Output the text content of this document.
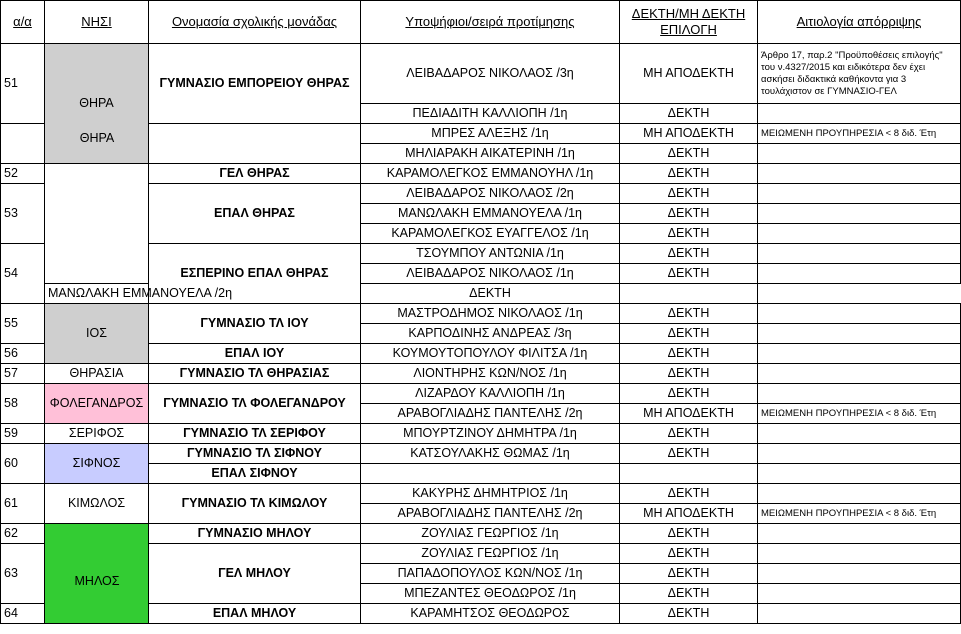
α/α	ΝΗΣΙ	Ονομασία σχολικής μονάδας	Υποψήφιοι/σειρά προτίμησης	ΔΕΚΤΗ/ΜΗ ΔΕΚΤΗ ΕΠΙΛΟΓΗ	Αιτιολογία απόρριψης
51	ΘΗΡΑ	ΓΥΜΝΑΣΙΟ ΕΜΠΟΡΕΙΟΥ ΘΗΡΑΣ	ΛΕΙΒΑΔΑΡΟΣ ΝΙΚΟΛΑΟΣ /3η	ΜΗ ΑΠΟΔΕΚΤΗ	Άρθρο 17, παρ.2 "Προϋποθέσεις επιλογής" του ν.4327/2015 και ειδικότερα δεν έχει ασκήσει διδακτικά καθήκοντα για 3 τουλάχιστον σε ΓΥΜΝΑΣΙΟ-ΓΕΛ
			ΠΕΔΙΑΔΙΤΗ ΚΑΛΛΙΟΠΗ /1η	ΔΕΚΤΗ	
			ΜΠΡΕΣ ΑΛΕΞΗΣ /1η	ΜΗ ΑΠΟΔΕΚΤΗ	ΜΕΙΩΜΕΝΗ ΠΡΟΥΠΗΡΕΣΙΑ < 8 διδ. Έτη
			ΜΗΛΙΑΡΑΚΗ ΑΙΚΑΤΕΡΙΝΗ /1η	ΔΕΚΤΗ	
52		ΓΕΛ ΘΗΡΑΣ	ΚΑΡΑΜΟΛΕΓΚΟΣ ΕΜΜΑΝΟΥΗΛ /1η	ΔΕΚΤΗ	
53		ΕΠΑΛ ΘΗΡΑΣ	ΛΕΙΒΑΔΑΡΟΣ ΝΙΚΟΛΑΟΣ /2η	ΔΕΚΤΗ	
			ΜΑΝΩΛΑΚΗ ΕΜΜΑΝΟΥΕΛΑ /1η	ΔΕΚΤΗ	
			ΚΑΡΑΜΟΛΕΓΚΟΣ ΕΥΑΓΓΕΛΟΣ /1η	ΔΕΚΤΗ	
54		ΕΣΠΕΡΙΝΟ ΕΠΑΛ ΘΗΡΑΣ	ΤΣΟΥΜΠΟΥ ΑΝΤΩΝΙΑ /1η	ΔΕΚΤΗ	
			ΛΕΙΒΑΔΑΡΟΣ ΝΙΚΟΛΑΟΣ /1η	ΔΕΚΤΗ	
	ΜΑΝΩΛΑΚΗ ΕΜΜΑΝΟΥΕΛΑ /2η		ΔΕΚΤΗ		
55	ΙΟΣ	ΓΥΜΝΑΣΙΟ ΤΛ ΙΟΥ	ΜΑΣΤΡΟΔΗΜΟΣ ΝΙΚΟΛΑΟΣ /1η	ΔΕΚΤΗ	
			ΚΑΡΠΟΔΙΝΗΣ ΑΝΔΡΕΑΣ /3η	ΔΕΚΤΗ	
56		ΕΠΑΛ ΙΟΥ	ΚΟΥΜΟΥΤΟΠΟΥΛΟΥ ΦΙΛΙΤΣΑ /1η	ΔΕΚΤΗ	
57	ΘΗΡΑΣΙΑ	ΓΥΜΝΑΣΙΟ ΤΛ ΘΗΡΑΣΙΑΣ	ΛΙΟΝΤΗΡΗΣ ΚΩΝ/ΝΟΣ /1η	ΔΕΚΤΗ	
58	ΦΟΛΕΓΑΝΔΡΟΣ	ΓΥΜΝΑΣΙΟ ΤΛ ΦΟΛΕΓΑΝΔΡΟΥ	ΛΙΖΑΡΔΟΥ ΚΑΛΛΙΟΠΗ /1η	ΔΕΚΤΗ	
			ΑΡΑΒΟΓΛΙΑΔΗΣ ΠΑΝΤΕΛΗΣ /2η	ΜΗ ΑΠΟΔΕΚΤΗ	ΜΕΙΩΜΕΝΗ ΠΡΟΥΠΗΡΕΣΙΑ < 8 διδ. Έτη
59	ΣΕΡΙΦΟΣ	ΓΥΜΝΑΣΙΟ ΤΛ ΣΕΡΙΦΟΥ	ΜΠΟΥΡΤΖΙΝΟΥ ΔΗΜΗΤΡΑ /1η	ΔΕΚΤΗ	
60	ΣΙΦΝΟΣ	ΓΥΜΝΑΣΙΟ ΤΛ ΣΙΦΝΟΥ	ΚΑΤΣΟΥΛΑΚΗΣ ΘΩΜΑΣ /1η	ΔΕΚΤΗ	
		ΕΠΑΛ ΣΙΦΝΟΥ			
61	ΚΙΜΩΛΟΣ	ΓΥΜΝΑΣΙΟ ΤΛ ΚΙΜΩΛΟΥ	ΚΑΚΥΡΗΣ ΔΗΜΗΤΡΙΟΣ /1η	ΔΕΚΤΗ	
			ΑΡΑΒΟΓΛΙΑΔΗΣ ΠΑΝΤΕΛΗΣ /2η	ΜΗ ΑΠΟΔΕΚΤΗ	ΜΕΙΩΜΕΝΗ ΠΡΟΥΠΗΡΕΣΙΑ < 8 διδ. Έτη
62		ΓΥΜΝΑΣΙΟ ΜΗΛΟΥ	ΖΟΥΛΙΑΣ ΓΕΩΡΓΙΟΣ /1η	ΔΕΚΤΗ	
63		ΓΕΛ ΜΗΛΟΥ	ΖΟΥΛΙΑΣ ΓΕΩΡΓΙΟΣ /1η	ΔΕΚΤΗ	
			ΠΑΠΑΔΟΠΟΥΛΟΣ ΚΩΝ/ΝΟΣ /1η	ΔΕΚΤΗ	
			ΜΠΕΖΑΝΤΕΣ ΘΕΟΔΩΡΟΣ /1η	ΔΕΚΤΗ	
64		ΕΠΑΛ ΜΗΛΟΥ	ΚΑΡΑΜΗΤΣΟΣ ΘΕΟΔΩΡΟΣ	ΔΕΚΤΗ	
ΜΗΛΟΣ
ΘΗΡΑ
